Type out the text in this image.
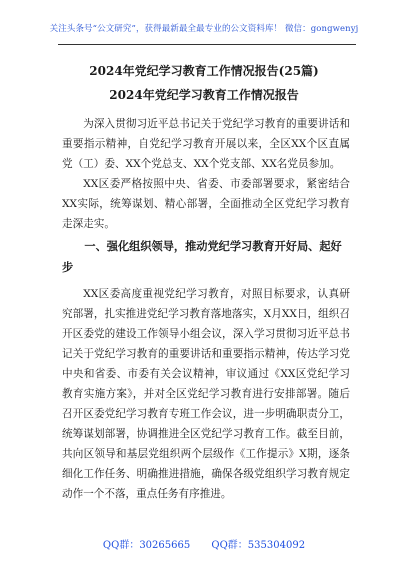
关注头条号“公文研究”，获得最新最全最专业的公文资料库！ 微信：gongwenyj
2024年党纪学习教育工作情况报告(25篇)
2024年党纪学习教育工作情况报告

为深入贯彻习近平总书记关于党纪学习教育的重要讲话和重要指示精神，自党纪学习教育开展以来，全区XX个区直属党（工）委、XX个党总支、XX个党支部、XX名党员参加。

XX区委严格按照中央、省委、市委部署要求，紧密结合XX实际，统筹谋划、精心部署，全面推动全区党纪学习教育走深走实。

一、强化组织领导，推动党纪学习教育开好局、起好步

XX区委高度重视党纪学习教育，对照目标要求，认真研究部署，扎实推进党纪学习教育落地落实，X月XX日，组织召开区委党的建设工作领导小组会议，深入学习贯彻习近平总书记关于党纪学习教育的重要讲话和重要指示精神，传达学习党中央和省委、市委有关会议精神，审议通过《XX区党纪学习教育实施方案》，并对全区党纪学习教育进行安排部署。随后召开区委党纪学习教育专班工作会议，进一步明确职责分工，统筹谋划部署，协调推进全区党纪学习教育工作。截至目前，共向区领导和基层党组织两个层级作《工作提示》X期，逐条细化工作任务、明确推进措施，确保各级党组织学习教育规定动作一个不落，重点任务有序推进。

QQ群：30265665 QQ群：535304092
